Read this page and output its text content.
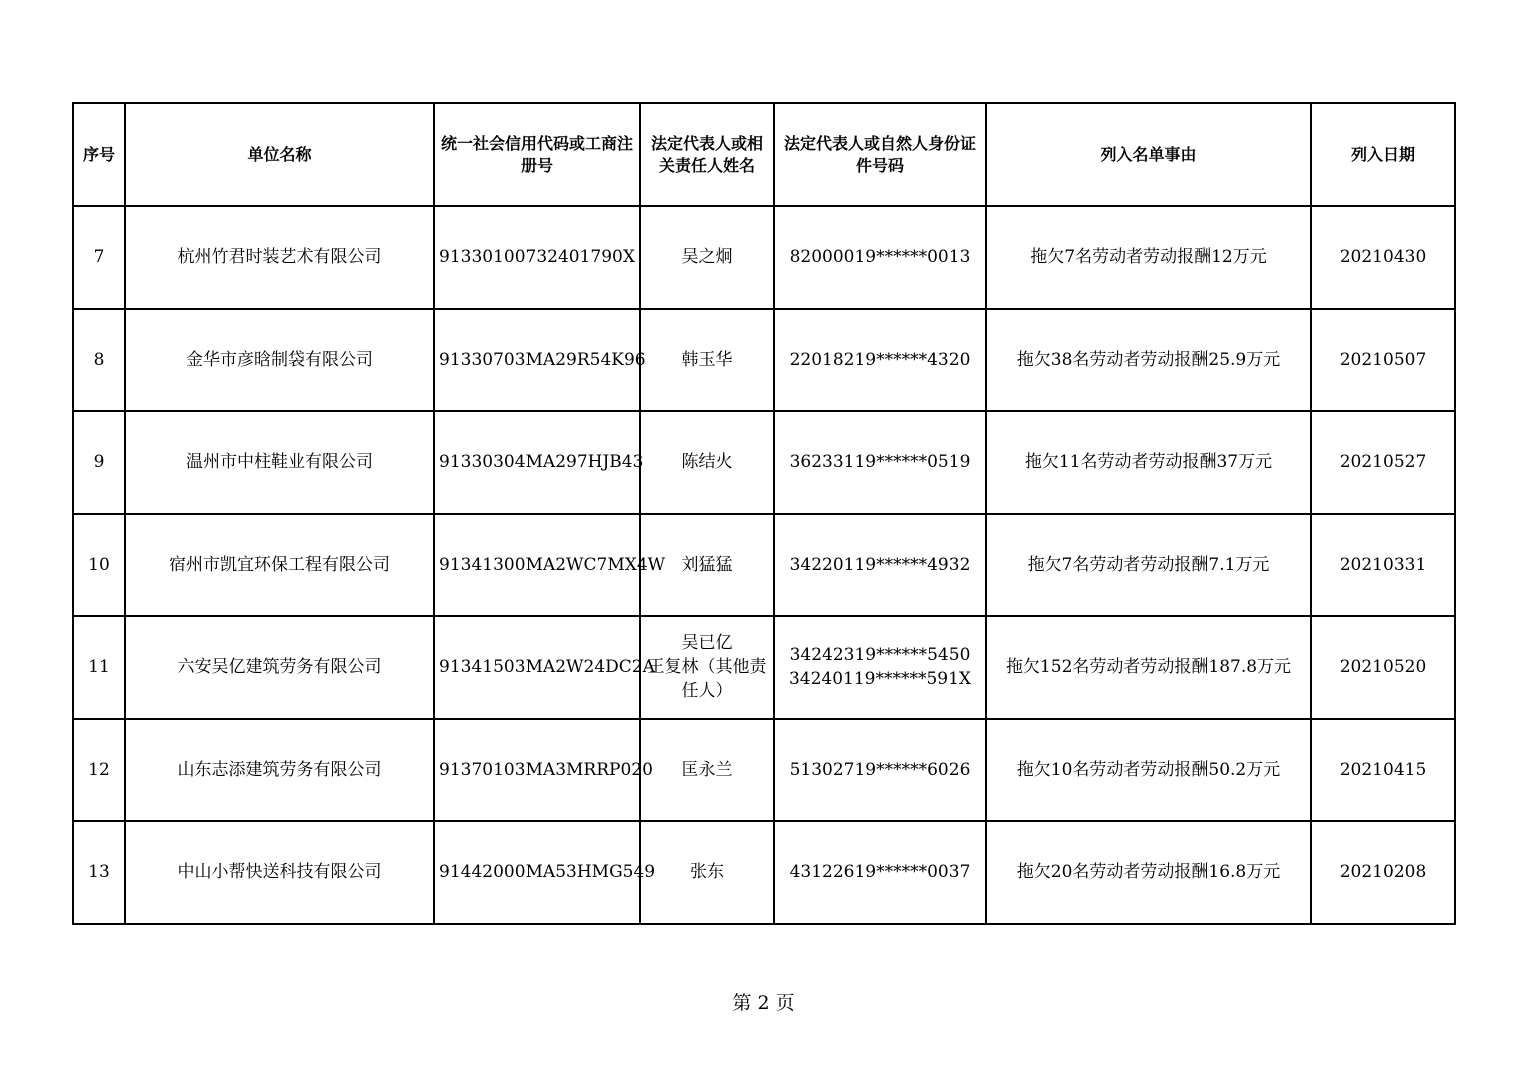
序号	单位名称	统一社会信用代码或工商注册号	法定代表人或相关责任人姓名	法定代表人或自然人身份证件号码	列入名单事由	列入日期
7	杭州竹君时装艺术有限公司	91330100732401790X	吴之炯	82000019******0013	拖欠7名劳动者劳动报酬12万元	20210430
8	金华市彦晗制袋有限公司	91330703MA29R54K96	韩玉华	22018219******4320	拖欠38名劳动者劳动报酬25.9万元	20210507
9	温州市中柱鞋业有限公司	91330304MA297HJB43	陈结火	36233119******0519	拖欠11名劳动者劳动报酬37万元	20210527
10	宿州市凯宜环保工程有限公司	91341300MA2WC7MX4W	刘猛猛	34220119******4932	拖欠7名劳动者劳动报酬7.1万元	20210331
11	六安吴亿建筑劳务有限公司	91341503MA2W24DC2A	吴已亿
王复林（其他责任人）	34242319******5450
34240119******591X	拖欠152名劳动者劳动报酬187.8万元	20210520
12	山东志添建筑劳务有限公司	91370103MA3MRRP020	匡永兰	51302719******6026	拖欠10名劳动者劳动报酬50.2万元	20210415
13	中山小帮快送科技有限公司	91442000MA53HMG549	张东	43122619******0037	拖欠20名劳动者劳动报酬16.8万元	20210208
第 2 页
